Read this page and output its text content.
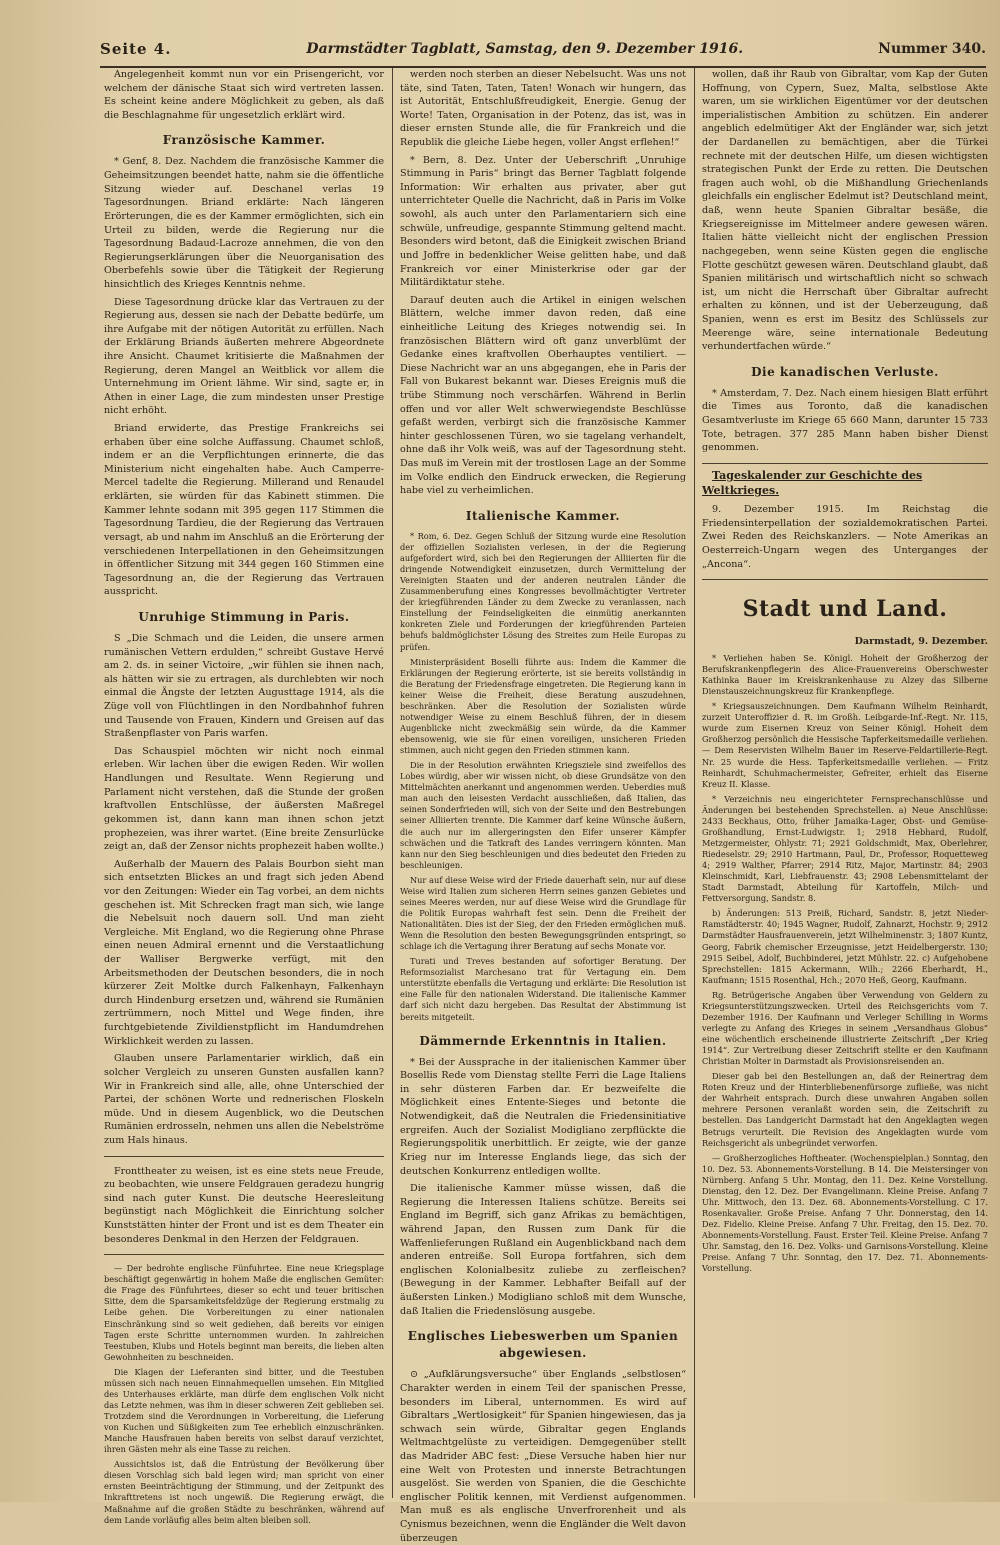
Seite 4.	Darmstädter Tagblatt, Samstag, den 9. Dezember 1916.	Nummer 340.

Angelegenheit kommt nun vor ein Prisengericht, vor welchem der dänische Staat sich wird vertreten lassen. Es scheint keine andere Möglichkeit zu geben, als daß die Beschlagnahme für ungesetzlich erklärt wird.

Französische Kammer.

* Genf, 8. Dez. Nachdem die französische Kammer die Geheimsitzungen beendet hatte, nahm sie die öffentliche Sitzung wieder auf. Deschanel verlas 19 Tagesordnungen. Briand erklärte: Nach längeren Erörterungen, die es der Kammer ermöglichten, sich ein Urteil zu bilden, werde die Regierung nur die Tagesordnung Badaud-Lacroze annehmen, die von den Regierungserklärungen über die Neuorganisation des Oberbefehls sowie über die Tätigkeit der Regierung hinsichtlich des Krieges Kenntnis nehme.

Diese Tagesordnung drücke klar das Vertrauen zu der Regierung aus, dessen sie nach der Debatte bedürfe, um ihre Aufgabe mit der nötigen Autorität zu erfüllen. Nach der Erklärung Briands äußerten mehrere Abgeordnete ihre Ansicht. Chaumet kritisierte die Maßnahmen der Regierung, deren Mangel an Weitblick vor allem die Unternehmung im Orient lähme. Wir sind, sagte er, in Athen in einer Lage, die zum mindesten unser Prestige nicht erhöht.

Briand erwiderte, das Prestige Frankreichs sei erhaben über eine solche Auffassung. Chaumet schloß, indem er an die Verpflichtungen erinnerte, die das Ministerium nicht eingehalten habe. Auch Camperre-Mercel tadelte die Regierung. Millerand und Renaudel erklärten, sie würden für das Kabinett stimmen. Die Kammer lehnte sodann mit 395 gegen 117 Stimmen die Tagesordnung Tardieu, die der Regierung das Vertrauen versagt, ab und nahm im Anschluß an die Erörterung der verschiedenen Interpellationen in den Geheimsitzungen in öffentlicher Sitzung mit 344 gegen 160 Stimmen eine Tagesordnung an, die der Regierung das Vertrauen ausspricht.

Unruhige Stimmung in Paris.

S „Die Schmach und die Leiden, die unsere armen rumänischen Vettern erdulden,“ schreibt Gustave Hervé am 2. ds. in seiner Victoire, „wir fühlen sie ihnen nach, als hätten wir sie zu ertragen, als durchlebten wir noch einmal die Ängste der letzten Augusttage 1914, als die Züge voll von Flüchtlingen in den Nordbahnhof fuhren und Tausende von Frauen, Kindern und Greisen auf das Straßenpflaster von Paris warfen.

Das Schauspiel möchten wir nicht noch einmal erleben. Wir lachen über die ewigen Reden. Wir wollen Handlungen und Resultate. Wenn Regierung und Parlament nicht verstehen, daß die Stunde der großen kraftvollen Entschlüsse, der äußersten Maßregel gekommen ist, dann kann man ihnen schon jetzt prophezeien, was ihrer wartet. (Eine breite Zensurlücke zeigt an, daß der Zensor nichts prophezeit haben wollte.)

Außerhalb der Mauern des Palais Bourbon sieht man sich entsetzten Blickes an und fragt sich jeden Abend vor den Zeitungen: Wieder ein Tag vorbei, an dem nichts geschehen ist. Mit Schrecken fragt man sich, wie lange die Nebelsuit noch dauern soll. Und man zieht Vergleiche. Mit England, wo die Regierung ohne Phrase einen neuen Admiral ernennt und die Verstaatlichung der Walliser Bergwerke verfügt, mit den Arbeitsmethoden der Deutschen besonders, die in noch kürzerer Zeit Moltke durch Falkenhayn, Falkenhayn durch Hindenburg ersetzen und, während sie Rumänien zertrümmern, noch Mittel und Wege finden, ihre furchtgebietende Zivildienstpflicht im Handumdrehen Wirklichkeit werden zu lassen.

Glauben unsere Parlamentarier wirklich, daß ein solcher Vergleich zu unseren Gunsten ausfallen kann? Wir in Frankreich sind alle, alle, ohne Unterschied der Partei, der schönen Worte und rednerischen Floskeln müde. Und in diesem Augenblick, wo die Deutschen Rumänien erdrosseln, nehmen uns allen die Nebelströme zum Hals hinaus.

Fronttheater zu weisen, ist es eine stets neue Freude, zu beobachten, wie unsere Feldgrauen geradezu hungrig sind nach guter Kunst. Die deutsche Heeresleitung begünstigt nach Möglichkeit die Einrichtung solcher Kunststätten hinter der Front und ist es dem Theater ein besonderes Denkmal in den Herzen der Feldgrauen.

— Der bedrohte englische Fünfuhrtee. Eine neue Kriegsplage beschäftigt gegenwärtig in hohem Maße die englischen Gemüter: die Frage des Fünfuhrtees, dieser so echt und teuer britischen Sitte, dem die Sparsamkeitsfeldzüge der Regierung erstmalig zu Leibe gehen. Die Vorbereitungen zu einer nationalen Einschränkung sind so weit gediehen, daß bereits vor einigen Tagen erste Schritte unternommen wurden. In zahlreichen Teestuben, Klubs und Hotels beginnt man bereits, die lieben alten Gewohnheiten zu beschneiden.

Die Klagen der Lieferanten sind bitter, und die Teestuben müssen sich nach neuen Einnahmequellen umsehen. Ein Mitglied des Unterhauses erklärte, man dürfe dem englischen Volk nicht das Letzte nehmen, was ihm in dieser schweren Zeit geblieben sei. Trotzdem sind die Verordnungen in Vorbereitung, die Lieferung von Kuchen und Süßigkeiten zum Tee erheblich einzuschränken. Manche Hausfrauen haben bereits von selbst darauf verzichtet, ihren Gästen mehr als eine Tasse zu reichen.

Aussichtslos ist, daß die Entrüstung der Bevölkerung über diesen Vorschlag sich bald legen wird; man spricht von einer ernsten Beeinträchtigung der Stimmung, und der Zeitpunkt des Inkrafttretens ist noch ungewiß. Die Regierung erwägt, die Maßnahme auf die großen Städte zu beschränken, während auf dem Lande vorläufig alles beim alten bleiben soll.

werden noch sterben an dieser Nebelsucht. Was uns not täte, sind Taten, Taten, Taten! Wonach wir hungern, das ist Autorität, Entschlußfreudigkeit, Energie. Genug der Worte! Taten, Organisation in der Potenz, das ist, was in dieser ernsten Stunde alle, die für Frankreich und die Republik die gleiche Liebe hegen, voller Angst erflehen!“

* Bern, 8. Dez. Unter der Ueberschrift „Unruhige Stimmung in Paris“ bringt das Berner Tagblatt folgende Information: Wir erhalten aus privater, aber gut unterrichteter Quelle die Nachricht, daß in Paris im Volke sowohl, als auch unter den Parlamentariern sich eine schwüle, unfreudige, gespannte Stimmung geltend macht. Besonders wird betont, daß die Einigkeit zwischen Briand und Joffre in bedenklicher Weise gelitten habe, und daß Frankreich vor einer Ministerkrise oder gar der Militärdiktatur stehe.

Darauf deuten auch die Artikel in einigen welschen Blättern, welche immer davon reden, daß eine einheitliche Leitung des Krieges notwendig sei. In französischen Blättern wird oft ganz unverblümt der Gedanke eines kraftvollen Oberhauptes ventiliert. — Diese Nachricht war an uns abgegangen, ehe in Paris der Fall von Bukarest bekannt war. Dieses Ereignis muß die trübe Stimmung noch verschärfen. Während in Berlin offen und vor aller Welt schwerwiegendste Beschlüsse gefaßt werden, verbirgt sich die französische Kammer hinter geschlossenen Türen, wo sie tagelang verhandelt, ohne daß ihr Volk weiß, was auf der Tagesordnung steht. Das muß im Verein mit der trostlosen Lage an der Somme im Volke endlich den Eindruck erwecken, die Regierung habe viel zu verheimlichen.

Italienische Kammer.

* Rom, 6. Dez. Gegen Schluß der Sitzung wurde eine Resolution der offiziellen Sozialisten verlesen, in der die Regierung aufgefordert wird, sich bei den Regierungen der Alliierten für die dringende Notwendigkeit einzusetzen, durch Vermittelung der Vereinigten Staaten und der anderen neutralen Länder die Zusammenberufung eines Kongresses bevollmächtigter Vertreter der kriegführenden Länder zu dem Zwecke zu veranlassen, nach Einstellung der Feindseligkeiten die einmütig anerkannten konkreten Ziele und Forderungen der kriegführenden Parteien behufs baldmöglichster Lösung des Streites zum Heile Europas zu prüfen.

Ministerpräsident Boselli führte aus: Indem die Kammer die Erklärungen der Regierung erörterte, ist sie bereits vollständig in die Beratung der Friedensfrage eingetreten. Die Regierung kann in keiner Weise die Freiheit, diese Beratung auszudehnen, beschränken. Aber die Resolution der Sozialisten würde notwendiger Weise zu einem Beschluß führen, der in diesem Augenblicke nicht zweckmäßig sein würde, da die Kammer ebensowenig, wie sie für einen voreiligen, unsicheren Frieden stimmen, auch nicht gegen den Frieden stimmen kann.

Die in der Resolution erwähnten Kriegsziele sind zweifellos des Lobes würdig, aber wir wissen nicht, ob diese Grundsätze von den Mittelmächten anerkannt und angenommen werden. Ueberdies muß man auch den leisesten Verdacht ausschließen, daß Italien, das seinen Sonderfrieden will, sich von der Seite und den Bestrebungen seiner Alliierten trennte. Die Kammer darf keine Wünsche äußern, die auch nur im allergeringsten den Eifer unserer Kämpfer schwächen und die Tatkraft des Landes verringern könnten. Man kann nur den Sieg beschleunigen und dies bedeutet den Frieden zu beschleunigen.

Nur auf diese Weise wird der Friede dauerhaft sein, nur auf diese Weise wird Italien zum sicheren Herrn seines ganzen Gebietes und seines Meeres werden, nur auf diese Weise wird die Grundlage für die Politik Europas wahrhaft fest sein. Denn die Freiheit der Nationalitäten. Dies ist der Sieg, der den Frieden ermöglichen muß. Wenn die Resolution den besten Bewegungsgründen entspringt, so schlage ich die Vertagung ihrer Beratung auf sechs Monate vor.

Turati und Treves bestanden auf sofortiger Beratung. Der Reformsozialist Marchesano trat für Vertagung ein. Dem unterstützte ebenfalls die Vertagung und erklärte: Die Resolution ist eine Falle für den nationalen Widerstand. Die italienische Kammer darf sich nicht dazu hergeben. Das Resultat der Abstimmung ist bereits mitgeteilt.

Dämmernde Erkenntnis in Italien.

* Bei der Aussprache in der italienischen Kammer über Bosellis Rede vom Dienstag stellte Ferri die Lage Italiens in sehr düsteren Farben dar. Er bezweifelte die Möglichkeit eines Entente-Sieges und betonte die Notwendigkeit, daß die Neutralen die Friedensinitiative ergreifen. Auch der Sozialist Modigliano zerpflückte die Regierungspolitik unerbittlich. Er zeigte, wie der ganze Krieg nur im Interesse Englands liege, das sich der deutschen Konkurrenz entledigen wollte.

Die italienische Kammer müsse wissen, daß die Regierung die Interessen Italiens schütze. Bereits sei England im Begriff, sich ganz Afrikas zu bemächtigen, während Japan, den Russen zum Dank für die Waffenlieferungen Rußland ein Augenblickband nach dem anderen entreiße. Soll Europa fortfahren, sich dem englischen Kolonialbesitz zuliebe zu zerfleischen? (Bewegung in der Kammer. Lebhafter Beifall auf der äußersten Linken.) Modigliano schloß mit dem Wunsche, daß Italien die Friedenslösung ausgebe.

Englisches Liebeswerben um Spanien abgewiesen.

⊙ „Aufklärungsversuche“ über Englands „selbstlosen“ Charakter werden in einem Teil der spanischen Presse, besonders im Liberal, unternommen. Es wird auf Gibraltars „Wertlosigkeit“ für Spanien hingewiesen, das ja schwach sein würde, Gibraltar gegen Englands Weltmachtgelüste zu verteidigen. Demgegenüber stellt das Madrider ABC fest: „Diese Versuche haben hier nur eine Welt von Protesten und innerste Betrachtungen ausgelöst. Sie werden von Spanien, die die Geschichte englischer Politik kennen, mit Verdienst aufgenommen. Man muß es als englische Unverfrorenheit und als Cynismus bezeichnen, wenn die Engländer die Welt davon überzeugen

wollen, daß ihr Raub von Gibraltar, vom Kap der Guten Hoffnung, von Cypern, Suez, Malta, selbstlose Akte waren, um sie wirklichen Eigentümer vor der deutschen imperialistischen Ambition zu schützen. Ein anderer angeblich edelmütiger Akt der Engländer war, sich jetzt der Dardanellen zu bemächtigen, aber die Türkei rechnete mit der deutschen Hilfe, um diesen wichtigsten strategischen Punkt der Erde zu retten. Die Deutschen fragen auch wohl, ob die Mißhandlung Griechenlands gleichfalls ein englischer Edelmut ist? Deutschland meint, daß, wenn heute Spanien Gibraltar besäße, die Kriegsereignisse im Mittelmeer andere gewesen wären. Italien hätte vielleicht nicht der englischen Pression nachgegeben, wenn seine Küsten gegen die englische Flotte geschützt gewesen wären. Deutschland glaubt, daß Spanien militärisch und wirtschaftlich nicht so schwach ist, um nicht die Herrschaft über Gibraltar aufrecht erhalten zu können, und ist der Ueberzeugung, daß Spanien, wenn es erst im Besitz des Schlüssels zur Meerenge wäre, seine internationale Bedeutung verhundertfachen würde.“

Die kanadischen Verluste.

* Amsterdam, 7. Dez. Nach einem hiesigen Blatt erführt die Times aus Toronto, daß die kanadischen Gesamtverluste im Kriege 65 660 Mann, darunter 15 733 Tote, betragen. 377 285 Mann haben bisher Dienst genommen.

Tageskalender zur Geschichte des Weltkrieges.

9. Dezember 1915. Im Reichstag die Friedensinterpellation der sozialdemokratischen Partei. Zwei Reden des Reichskanzlers. — Note Amerikas an Oesterreich-Ungarn wegen des Unterganges der „Ancona“.

Stadt und Land.

Darmstadt, 9. Dezember.

* Verliehen haben Se. Königl. Hoheit der Großherzog der Berufskrankenpflegerin des Alice-Frauenvereins Oberschwester Kathinka Bauer im Kreiskrankenhause zu Alzey das Silberne Dienstauszeichnungskreuz für Krankenpflege.

* Kriegsauszeichnungen. Dem Kaufmann Wilhelm Reinhardt, zurzeit Unteroffizier d. R. im Großh. Leibgarde-Inf.-Regt. Nr. 115, wurde zum Eisernen Kreuz von Seiner Königl. Hoheit dem Großherzog persönlich die Hessische Tapferkeitsmedaille verliehen. — Dem Reservisten Wilhelm Bauer im Reserve-Feldartillerie-Regt. Nr. 25 wurde die Hess. Tapferkeitsmedaille verliehen. — Fritz Reinhardt, Schuhmachermeister, Gefreiter, erhielt das Eiserne Kreuz II. Klasse.

* Verzeichnis neu eingerichteter Fernsprechanschlüsse und Änderungen bei bestehenden Sprechstellen. a) Neue Anschlüsse: 2433 Beckhaus, Otto, früher Jamaika-Lager, Obst- und Gemüse-Großhandlung, Ernst-Ludwigstr. 1; 2918 Hebhard, Rudolf, Metzgermeister, Ohlystr. 71; 2921 Goldschmidt, Max, Oberlehrer, Riedeselstr. 29; 2910 Hartmann, Paul, Dr., Professor, Roquetteweg 4; 2919 Walther, Pfarrer; 2914 Ritz, Major, Martinstr. 84; 2903 Kleinschmidt, Karl, Liebfrauenstr. 43; 2908 Lebensmittelamt der Stadt Darmstadt, Abteilung für Kartoffeln, Milch- und Fettversorgung, Sandstr. 8.

b) Änderungen: 513 Preiß, Richard, Sandstr. 8, jetzt Nieder-Ramstädterstr. 40; 1945 Wagner, Rudolf, Zahnarzt, Hochstr. 9; 2912 Darmstädter Hausfrauenverein, jetzt Wilhelminenstr. 3; 1807 Kuntz, Georg, Fabrik chemischer Erzeugnisse, jetzt Heidelbergerstr. 130; 2915 Seibel, Adolf, Buchbinderei, jetzt Mühlstr. 22. c) Aufgehobene Sprechstellen: 1815 Ackermann, Wilh.; 2266 Eberhardt, H., Kaufmann; 1515 Rosenthal, Hch.; 2070 Heß, Georg, Kaufmann.

Rg. Betrügerische Angaben über Verwendung von Geldern zu Kriegsunterstützungszwecken. Urteil des Reichsgerichts vom 7. Dezember 1916. Der Kaufmann und Verleger Schilling in Worms verlegte zu Anfang des Krieges in seinem „Versandhaus Globus“ eine wöchentlich erscheinende illustrierte Zeitschrift „Der Krieg 1914“. Zur Vertreibung dieser Zeitschrift stellte er den Kaufmann Christian Molter in Darmstadt als Provisionsreisenden an.

Dieser gab bei den Bestellungen an, daß der Reinertrag dem Roten Kreuz und der Hinterbliebenenfürsorge zufließe, was nicht der Wahrheit entsprach. Durch diese unwahren Angaben sollen mehrere Personen veranlaßt worden sein, die Zeitschrift zu bestellen. Das Landgericht Darmstadt hat den Angeklagten wegen Betrugs verurteilt. Die Revision des Angeklagten wurde vom Reichsgericht als unbegründet verworfen.

— Großherzogliches Hoftheater. (Wochenspielplan.) Sonntag, den 10. Dez. 53. Abonnements-Vorstellung. B 14. Die Meistersinger von Nürnberg. Anfang 5 Uhr. Montag, den 11. Dez. Keine Vorstellung. Dienstag, den 12. Dez. Der Evangelimann. Kleine Preise. Anfang 7 Uhr. Mittwoch, den 13. Dez. 68. Abonnements-Vorstellung. C 17. Rosenkavalier. Große Preise. Anfang 7 Uhr. Donnerstag, den 14. Dez. Fidelio. Kleine Preise. Anfang 7 Uhr. Freitag, den 15. Dez. 70. Abonnements-Vorstellung. Faust. Erster Teil. Kleine Preise. Anfang 7 Uhr. Samstag, den 16. Dez. Volks- und Garnisons-Vorstellung. Kleine Preise. Anfang 7 Uhr. Sonntag, den 17. Dez. 71. Abonnements-Vorstellung.
